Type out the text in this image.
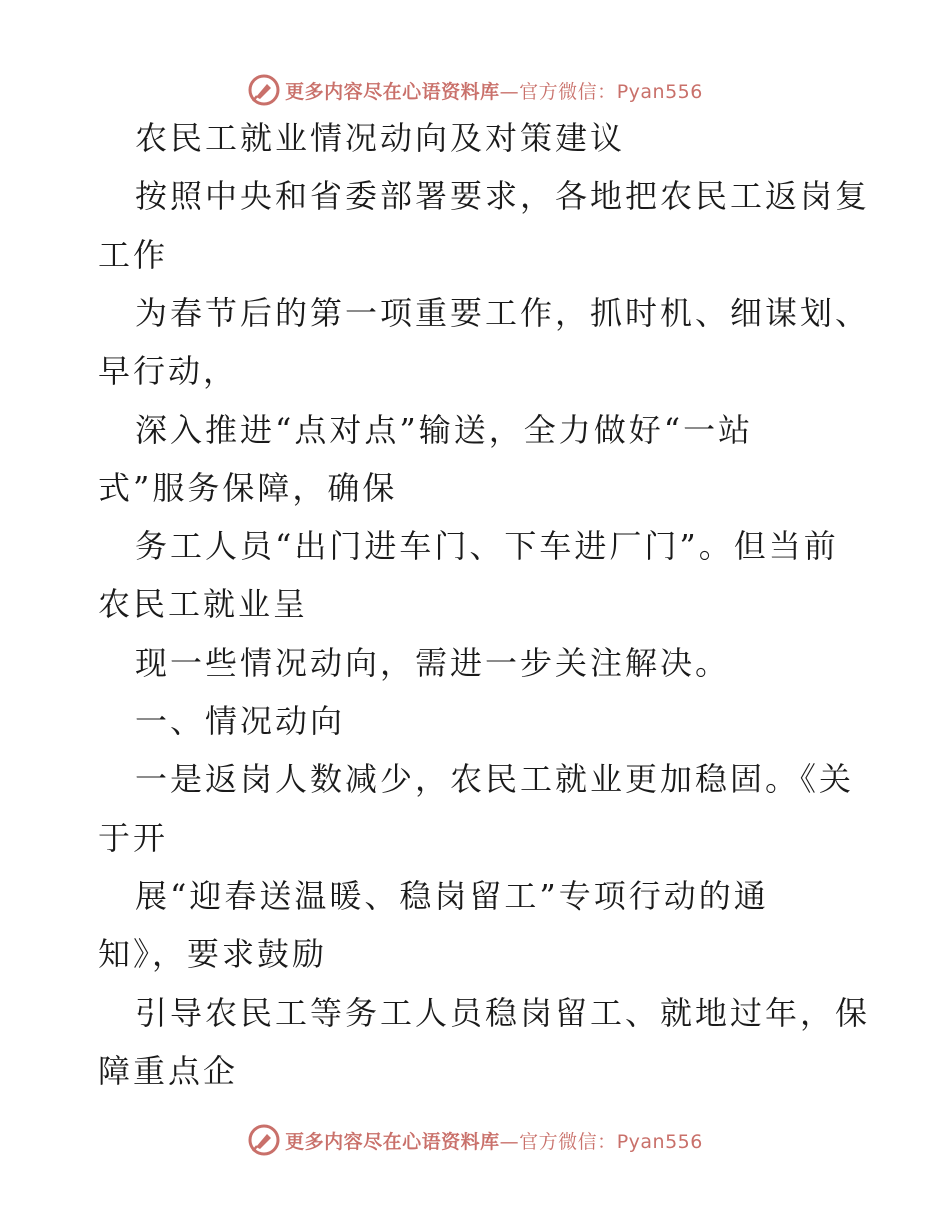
更多内容尽在心语资料库—官方微信：Pyan556
农民工就业情况动向及对策建议
按照中央和省委部署要求，各地把农民工返岗复
工作
为春节后的第一项重要工作，抓时机、细谋划、
早行动，
深入推进“点对点”输送，全力做好“一站
式”服务保障，确保
务工人员“出门进车门、下车进厂门”。但当前
农民工就业呈
现一些情况动向，需进一步关注解决。
一、情况动向
一是返岗人数减少，农民工就业更加稳固。《关
于开
展“迎春送温暖、稳岗留工”专项行动的通
知》，要求鼓励
引导农民工等务工人员稳岗留工、就地过年，保
障重点企
更多内容尽在心语资料库—官方微信：Pyan556
